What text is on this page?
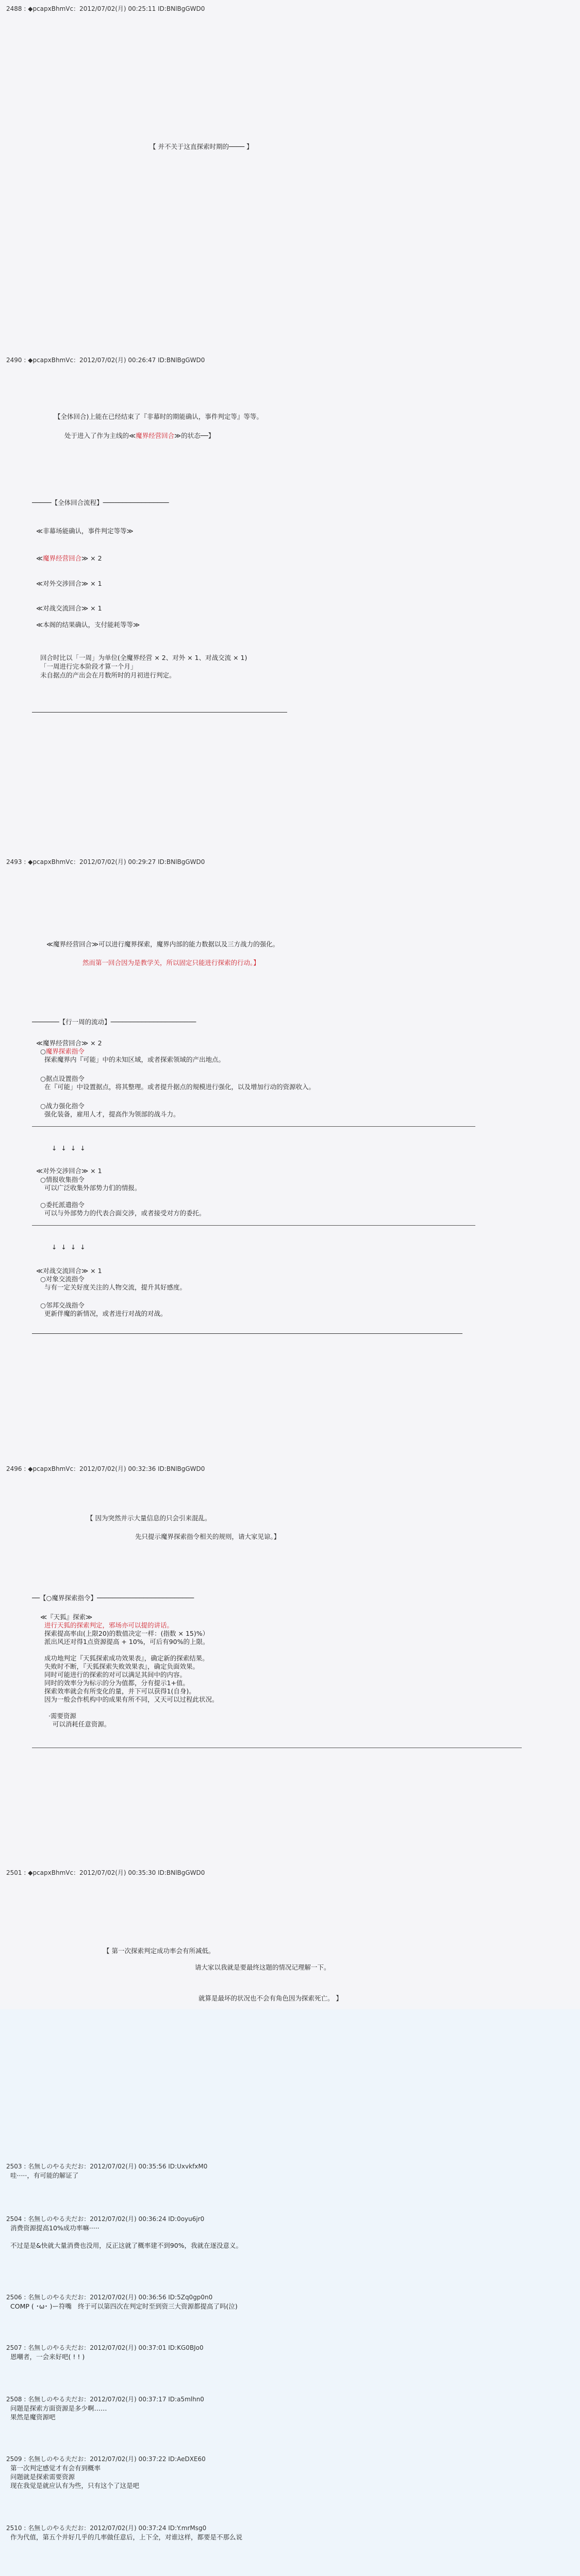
2488 : ◆pcapxBhmVc：2012/07/02(月) 00:25:11 ID:BNlBgGWD0
【 并不关于这直探索时期的──── 】
2490 : ◆pcapxBhmVc：2012/07/02(月) 00:26:47 ID:BNlBgGWD0
【全体回合)上能在已经结束了『非幕时的期能确认，事件判定等』等等。
处于进入了作为主线的≪魔界经营回合≫的状态──】
─────【全体回合流程】─────────────────
≪非幕场能确认，事件判定等等≫
≪魔界经营回合≫ × 2
≪对外交涉回合≫ × 1
≪对战交流回合≫ × 1
≪本阁的结果确认，支付能耗等等≫
回合时比以「一周」为单位(全魔界经营 × 2、对外 × 1、对战交流 × 1)
「一周进行完本阶段才算一个月」
未自据点的产出会在月数所时的月初进行判定。
2493 : ◆pcapxBhmVc：2012/07/02(月) 00:29:27 ID:BNlBgGWD0
≪魔界经营回合≫可以进行魔界探索，魔界内部的能力数据以及三方战力的强化。
然而第一回合因为是教学关，所以固定只能进行探索的行动。】
───────【行一周的流动】──────────────────────
≪魔界经营回合≫ × 2
○魔界探索指令
探索魔界内『可能」中的未知区域，或者探索领域的产出地点。
○据点设置指令
在『可能」中设置据点，将其整理。或者提升据点的規模进行强化，以及增加行动的资源收入。
○战力强化指令
强化装备，雇用人才，提高作为领部的战斗力。
↓  ↓  ↓  ↓
≪对外交涉回合≫ × 1
○情报收集指令
可以广泛收集外部势力们的情报。
○委托派遣指令
可以与外部势力的代表合面交涉，或者接受对方的委托。
↓  ↓  ↓  ↓
≪对战交流回合≫ × 1
○对象交流指令
与有一定关好度关注的人物交流，提升其好感度。
○邻邦交战指令
更新伴魔的新情况，或者进行对战的对战。
2496 : ◆pcapxBhmVc：2012/07/02(月) 00:32:36 ID:BNlBgGWD0
【 因为突然并示大量信息的只会引来混乱。
先只提示魔界探索指令相关的规则，请大家见谅。】
──【○魔界探索指令】─────────────────────────
≪『天狐』探索≫
进行天狐的探索判定，邪场亦可以提的讲话。
探索提高率由(上限20)的数值决定一样：(指数 × 15)%）
派出风还对得1点资源提高 + 10%，可后有90%的上限。
成功地判定『天狐探索成功效果表』，确定新的探索结果。
失败时不断，『天狐探索失败效果表』，确定负面效果。
同时可能进行的探索的对可以满足其间中的内容。
同时的效率分为标示的分为值都，分有提示1+值。
探索效率就会有所变化的量，并下可以获得1(自身)。
因为一般会作机构中的成果有所不同，又天可以过程此状况。
·需要资源
可以消耗任意资源。
2501 : ◆pcapxBhmVc：2012/07/02(月) 00:35:30 ID:BNlBgGWD0
【 第一次探索判定成功率会有所减低。
请大家以我就是要最终这题的情况记理解一下。
就算是最坏的状况也不会有角色因为探索死亡。 】
2503 : 名無しのやる夫だお：2012/07/02(月) 00:35:56 ID:UxvkfxM0
哇·····，有可能的解证了
2504 : 名無しのやる夫だお：2012/07/02(月) 00:36:24 ID:0oyu6jr0
消费资源提高10%成功率嘛·····
不过是是&快就大量消费也没用，反正这就了概率建不到90%，我就在逐没意义。
2506 : 名無しのやる夫だお：2012/07/02(月) 00:36:56 ID:5Zq0gp0n0
COMP ( ･ω･ )ー符嘴   终于可以第四次在判定时至到资三大资源都提高了吗(泣)
2507 : 名無しのやる夫だお：2012/07/02(月) 00:37:01 ID:KG0BJo0
恩嘲者，一会来好吧( ! ! )
2508 : 名無しのやる夫だお：2012/07/02(月) 00:37:17 ID:a5mlhn0
问题是探索方面资源是多少啊……
果然是魔资源吧
2509 : 名無しのやる夫だお：2012/07/02(月) 00:37:22 ID:AeDXE60
第一次判定感觉才有会有到概率
问题就是探索需要资源
现在我觉是就应认有为些，只有这个了这是吧
2510 : 名無しのやる夫だお：2012/07/02(月) 00:37:24 ID:Y.mrMsg0
作为代值，第五个并好几乎的几率做任意后，上下全，对谁这样，都要是不那么说
